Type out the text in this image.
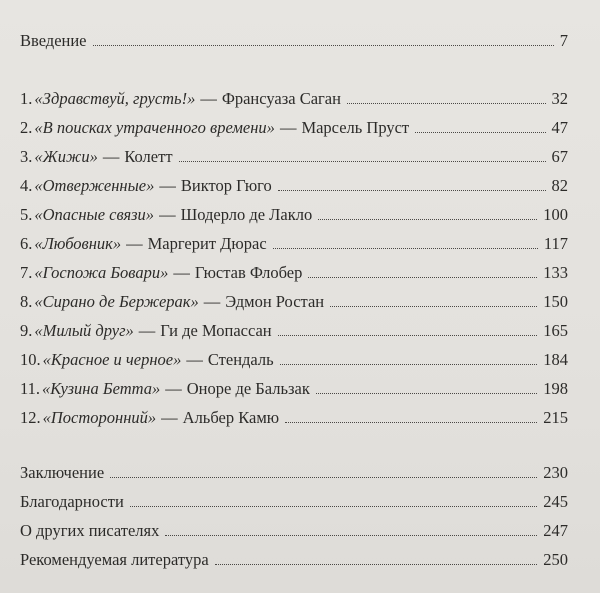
Введение	7
1. «Здравствуй, грусть!» — Франсуаза Саган	32
2. «В поисках утраченного времени» — Марсель Пруст	47
3. «Жижи» — Колетт	67
4. «Отверженные» — Виктор Гюго	82
5. «Опасные связи» — Шодерло де Лакло	100
6. «Любовник» — Маргерит Дюрас	117
7. «Госпожа Бовари» — Гюстав Флобер	133
8. «Сирано де Бержерак» — Эдмон Ростан	150
9. «Милый друг» — Ги де Мопассан	165
10. «Красное и черное» — Стендаль	184
11. «Кузина Бетта» — Оноре де Бальзак	198
12. «Посторонний» — Альбер Камю	215
Заключение	230
Благодарности	245
О других писателях	247
Рекомендуемая литература	250
